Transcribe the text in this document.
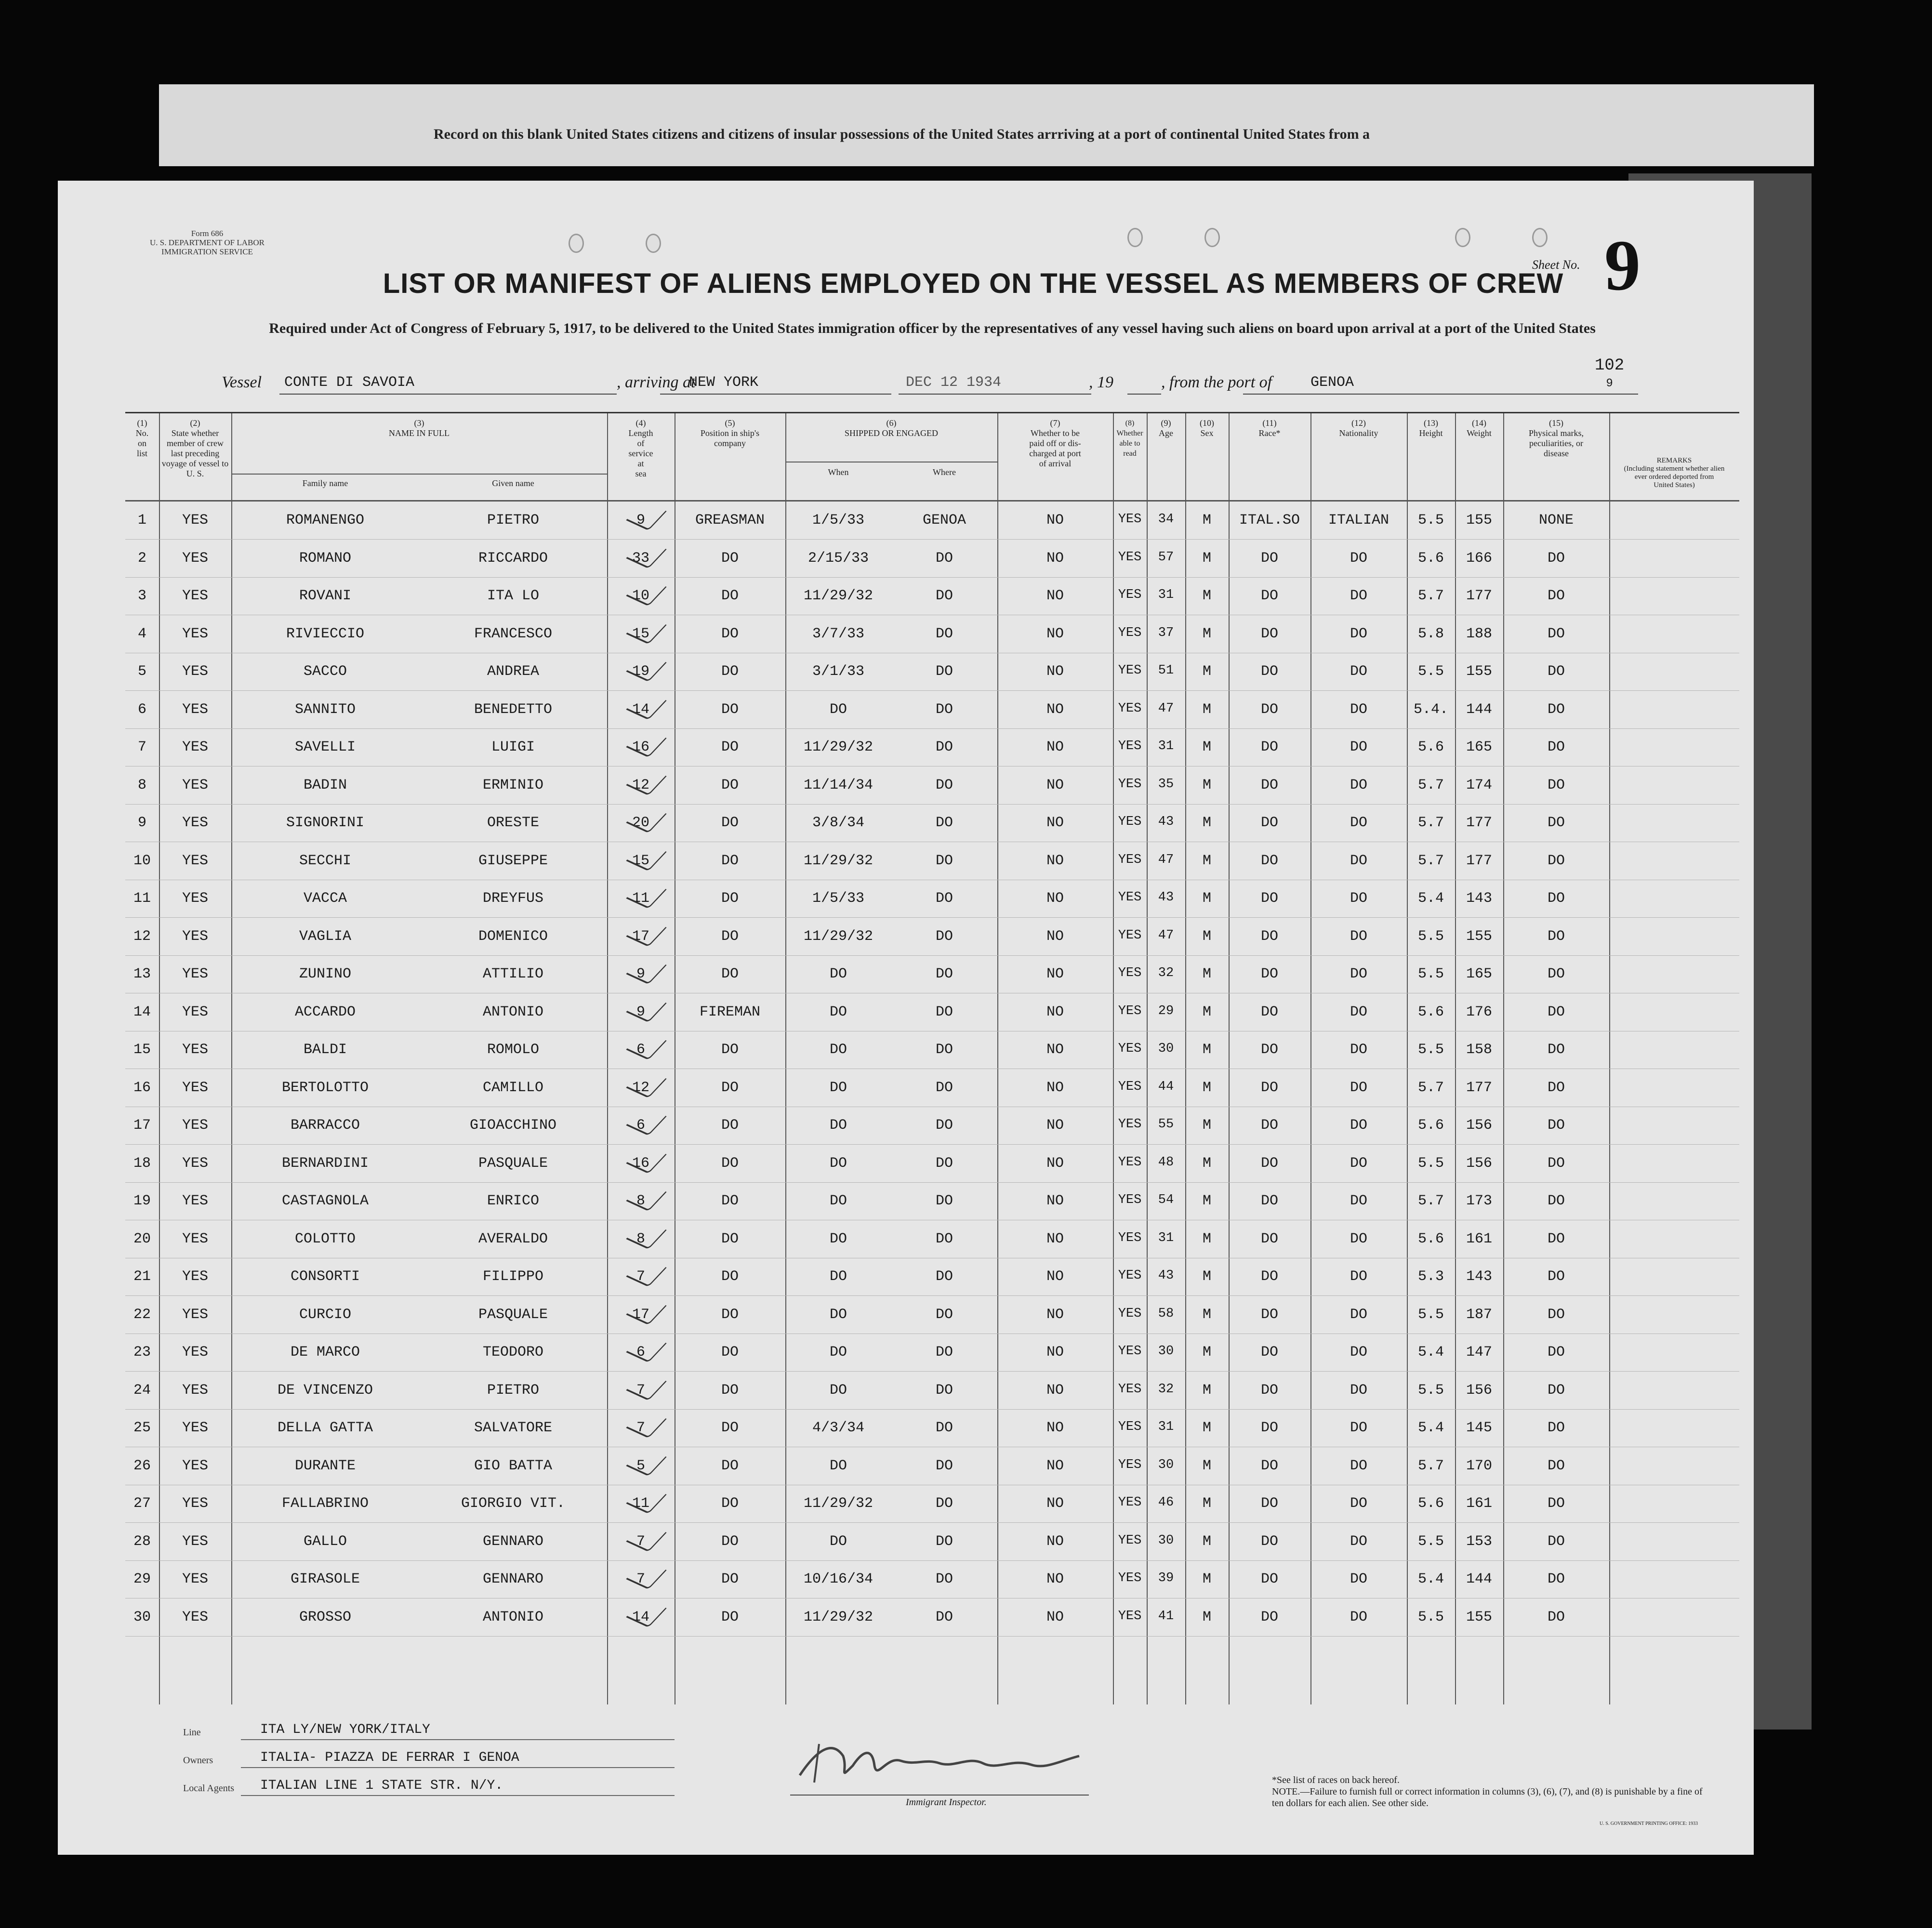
Record on this blank United States citizens and citizens of insular possessions of the United States arrriving at a port of continental United States from a
Form 686
U. S. DEPARTMENT OF LABOR
IMMIGRATION SERVICE
LIST OR MANIFEST OF ALIENS EMPLOYED ON THE VESSEL AS MEMBERS OF CREW
Required under Act of Congress of February 5, 1917, to be delivered to the United States immigration officer by the representatives of any vessel having such aliens on board upon arrival at a port of the United States
Sheet No. 9
Vessel CONTE DI SAVOIA	, arriving at
NEW YORK	DEC 12 1934	, 19	, from the port of	GENOA
102
9
(1)
No.
on
list
(2)
State whether
member of crew
last preceding
voyage of vessel to
U. S.
(3)
NAME IN FULL
Family name	Given name
(4)
Length
of
service
at
sea
(5)
Position in ship's
company
(6)
SHIPPED OR ENGAGED
When	Where
(7)
Whether to be
paid off or dis-
charged at port
of arrival
(8)
Whether
able to
read
(9)
Age
(10)
Sex
(11)
Race*
(12)
Nationality
(13)
Height
(14)
Weight
(15)
Physical marks,
peculiarities, or
disease
REMARKS
(Including statement whether alien
ever ordered deported from
United States)
1	YES	ROMANENGO	PIETRO	9	GREASMAN	1/5/33	GENOA	NO	YES	34	M	ITAL.SO	ITALIAN	5.5	155	NONE
2	YES	ROMANO	RICCARDO	33	DO	2/15/33	DO	NO	YES	57	M	DO	DO	5.6	166	DO
3	YES	ROVANI	ITA LO	10	DO	11/29/32	DO	NO	YES	31	M	DO	DO	5.7	177	DO
4	YES	RIVIECCIO	FRANCESCO	15	DO	3/7/33	DO	NO	YES	37	M	DO	DO	5.8	188	DO
5	YES	SACCO	ANDREA	19	DO	3/1/33	DO	NO	YES	51	M	DO	DO	5.5	155	DO
6	YES	SANNITO	BENEDETTO	14	DO	DO	DO	NO	YES	47	M	DO	DO	5.4.	144	DO
7	YES	SAVELLI	LUIGI	16	DO	11/29/32	DO	NO	YES	31	M	DO	DO	5.6	165	DO
8	YES	BADIN	ERMINIO	12	DO	11/14/34	DO	NO	YES	35	M	DO	DO	5.7	174	DO
9	YES	SIGNORINI	ORESTE	20	DO	3/8/34	DO	NO	YES	43	M	DO	DO	5.7	177	DO
10	YES	SECCHI	GIUSEPPE	15	DO	11/29/32	DO	NO	YES	47	M	DO	DO	5.7	177	DO
11	YES	VACCA	DREYFUS	11	DO	1/5/33	DO	NO	YES	43	M	DO	DO	5.4	143	DO
12	YES	VAGLIA	DOMENICO	17	DO	11/29/32	DO	NO	YES	47	M	DO	DO	5.5	155	DO
13	YES	ZUNINO	ATTILIO	9	DO	DO	DO	NO	YES	32	M	DO	DO	5.5	165	DO
14	YES	ACCARDO	ANTONIO	9	FIREMAN	DO	DO	NO	YES	29	M	DO	DO	5.6	176	DO
15	YES	BALDI	ROMOLO	6	DO	DO	DO	NO	YES	30	M	DO	DO	5.5	158	DO
16	YES	BERTOLOTTO	CAMILLO	12	DO	DO	DO	NO	YES	44	M	DO	DO	5.7	177	DO
17	YES	BARRACCO	GIOACCHINO	6	DO	DO	DO	NO	YES	55	M	DO	DO	5.6	156	DO
18	YES	BERNARDINI	PASQUALE	16	DO	DO	DO	NO	YES	48	M	DO	DO	5.5	156	DO
19	YES	CASTAGNOLA	ENRICO	8	DO	DO	DO	NO	YES	54	M	DO	DO	5.7	173	DO
20	YES	COLOTTO	AVERALDO	8	DO	DO	DO	NO	YES	31	M	DO	DO	5.6	161	DO
21	YES	CONSORTI	FILIPPO	7	DO	DO	DO	NO	YES	43	M	DO	DO	5.3	143	DO
22	YES	CURCIO	PASQUALE	17	DO	DO	DO	NO	YES	58	M	DO	DO	5.5	187	DO
23	YES	DE MARCO	TEODORO	6	DO	DO	DO	NO	YES	30	M	DO	DO	5.4	147	DO
24	YES	DE VINCENZO	PIETRO	7	DO	DO	DO	NO	YES	32	M	DO	DO	5.5	156	DO
25	YES	DELLA GATTA	SALVATORE	7	DO	4/3/34	DO	NO	YES	31	M	DO	DO	5.4	145	DO
26	YES	DURANTE	GIO BATTA	5	DO	DO	DO	NO	YES	30	M	DO	DO	5.7	170	DO
27	YES	FALLABRINO	GIORGIO VIT.	11	DO	11/29/32	DO	NO	YES	46	M	DO	DO	5.6	161	DO
28	YES	GALLO	GENNARO	7	DO	DO	DO	NO	YES	30	M	DO	DO	5.5	153	DO
29	YES	GIRASOLE	GENNARO	7	DO	10/16/34	DO	NO	YES	39	M	DO	DO	5.4	144	DO
30	YES	GROSSO	ANTONIO	14	DO	11/29/32	DO	NO	YES	41	M	DO	DO	5.5	155	DO
Line	ITA LY/NEW YORK/ITALY
Owners	ITALIA- PIAZZA DE FERRAR I GENOA
Local Agents ITALIAN LINE 1 STATE STR. N/Y.
Immigrant Inspector.
*See list of races on back hereof.
NOTE.—Failure to furnish full or correct information in columns (3), (6), (7), and (8) is punishable by a fine of ten dollars for each alien. See other side.
U. S. GOVERNMENT PRINTING OFFICE: 1933
